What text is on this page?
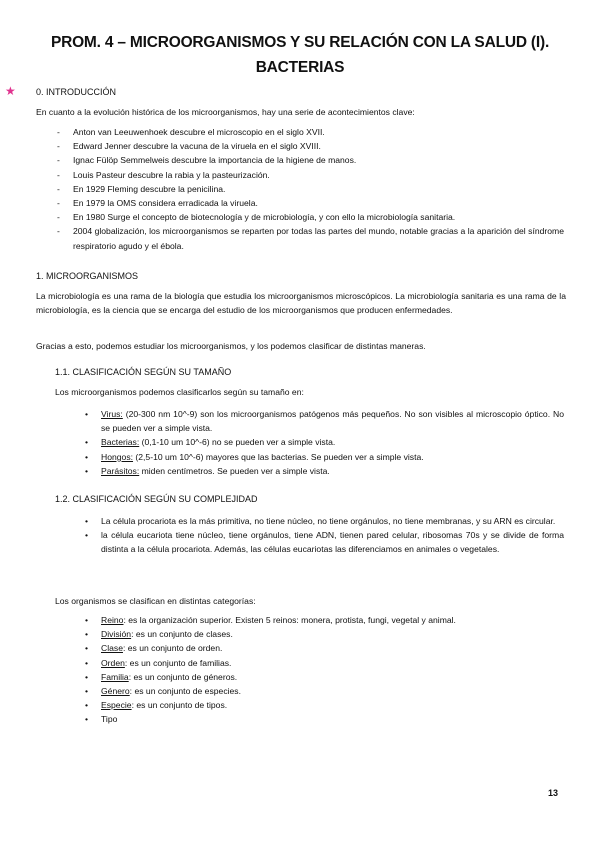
PROM. 4 – MICROORGANISMOS Y SU RELACIÓN CON LA SALUD (I).
BACTERIAS
★ 0. INTRODUCCIÓN
En cuanto a la evolución histórica de los microorganismos, hay una serie de acontecimientos clave:
- Anton van Leeuwenhoek descubre el microscopio en el siglo XVII.
- Edward Jenner descubre la vacuna de la viruela en el siglo XVIII.
- Ignac Fülöp Semmelweis descubre la importancia de la higiene de manos.
- Louis Pasteur descubre la rabia y la pasteurización.
- En 1929 Fleming descubre la penicilina.
- En 1979 la OMS considera erradicada la viruela.
- En 1980 Surge el concepto de biotecnología y de microbiología, y con ello la microbiología sanitaria.
- 2004 globalización, los microorganismos se reparten por todas las partes del mundo, notable gracias a la aparición del síndrome respiratorio agudo y el ébola.
1. MICROORGANISMOS
La microbiología es una rama de la biología que estudia los microorganismos microscópicos. La microbiología sanitaria es una rama de la microbiología, es la ciencia que se encarga del estudio de los microorganismos que producen enfermedades.
Gracias a esto, podemos estudiar los microorganismos, y los podemos clasificar de distintas maneras.
1.1. CLASIFICACIÓN SEGÚN SU TAMAÑO
Los microorganismos podemos clasificarlos según su tamaño en:
• Virus: (20-300 nm 10^-9) son los microorganismos patógenos más pequeños. No son visibles al microscopio óptico. No se pueden ver a simple vista.
• Bacterias: (0,1-10 um 10^-6) no se pueden ver a simple vista.
• Hongos: (2,5-10 um 10^-6) mayores que las bacterias. Se pueden ver a simple vista.
• Parásitos: miden centímetros. Se pueden ver a simple vista.
1.2. CLASIFICACIÓN SEGÚN SU COMPLEJIDAD
• La célula procariota es la más primitiva, no tiene núcleo, no tiene orgánulos, no tiene membranas, y su ARN es circular.
• la célula eucariota tiene núcleo, tiene orgánulos, tiene ADN, tienen pared celular, ribosomas 70s y se divide de forma distinta a la célula procariota. Además, las células eucariotas las diferenciamos en animales o vegetales.
Los organismos se clasifican en distintas categorías:
• Reino: es la organización superior. Existen 5 reinos: monera, protista, fungi, vegetal y animal.
• División: es un conjunto de clases.
• Clase: es un conjunto de orden.
• Orden: es un conjunto de familias.
• Familia: es un conjunto de géneros.
• Género: es un conjunto de especies.
• Especie: es un conjunto de tipos.
• Tipo
13
